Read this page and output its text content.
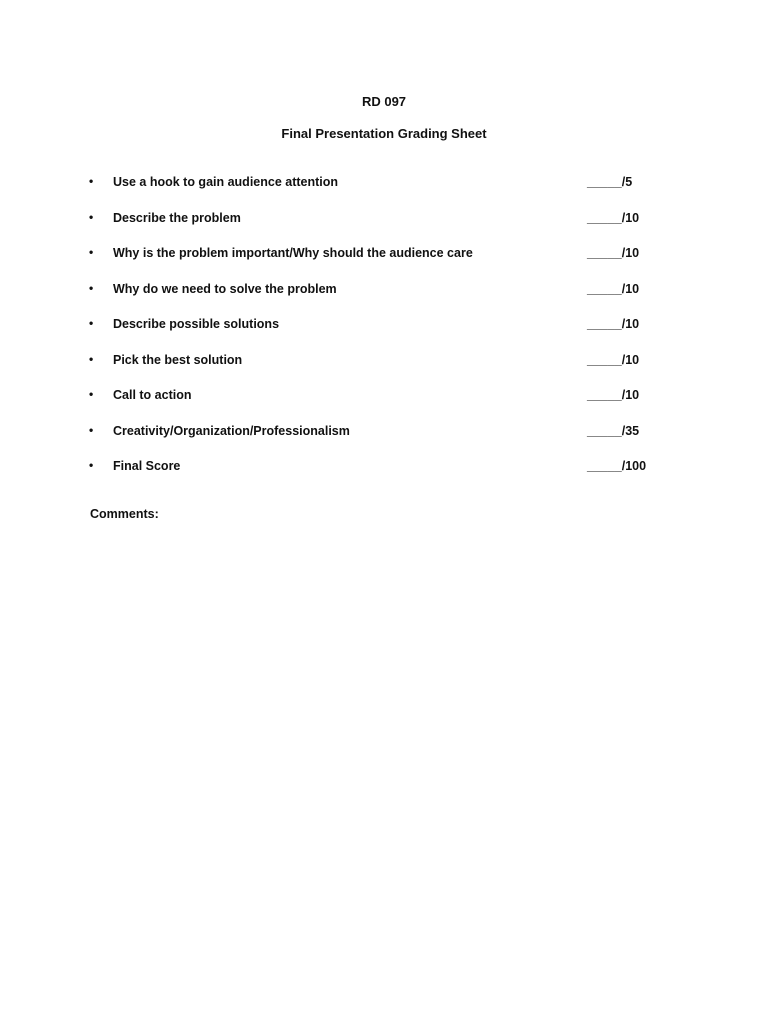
RD 097
Final Presentation Grading Sheet
• Use a hook to gain audience attention	_____/5
• Describe the problem	_____/10
• Why is the problem important/Why should the audience care	_____/10
• Why do we need to solve the problem	_____/10
• Describe possible solutions	_____/10
• Pick the best solution	_____/10
• Call to action	_____/10
• Creativity/Organization/Professionalism	_____/35
• Final Score	_____/100
Comments:
